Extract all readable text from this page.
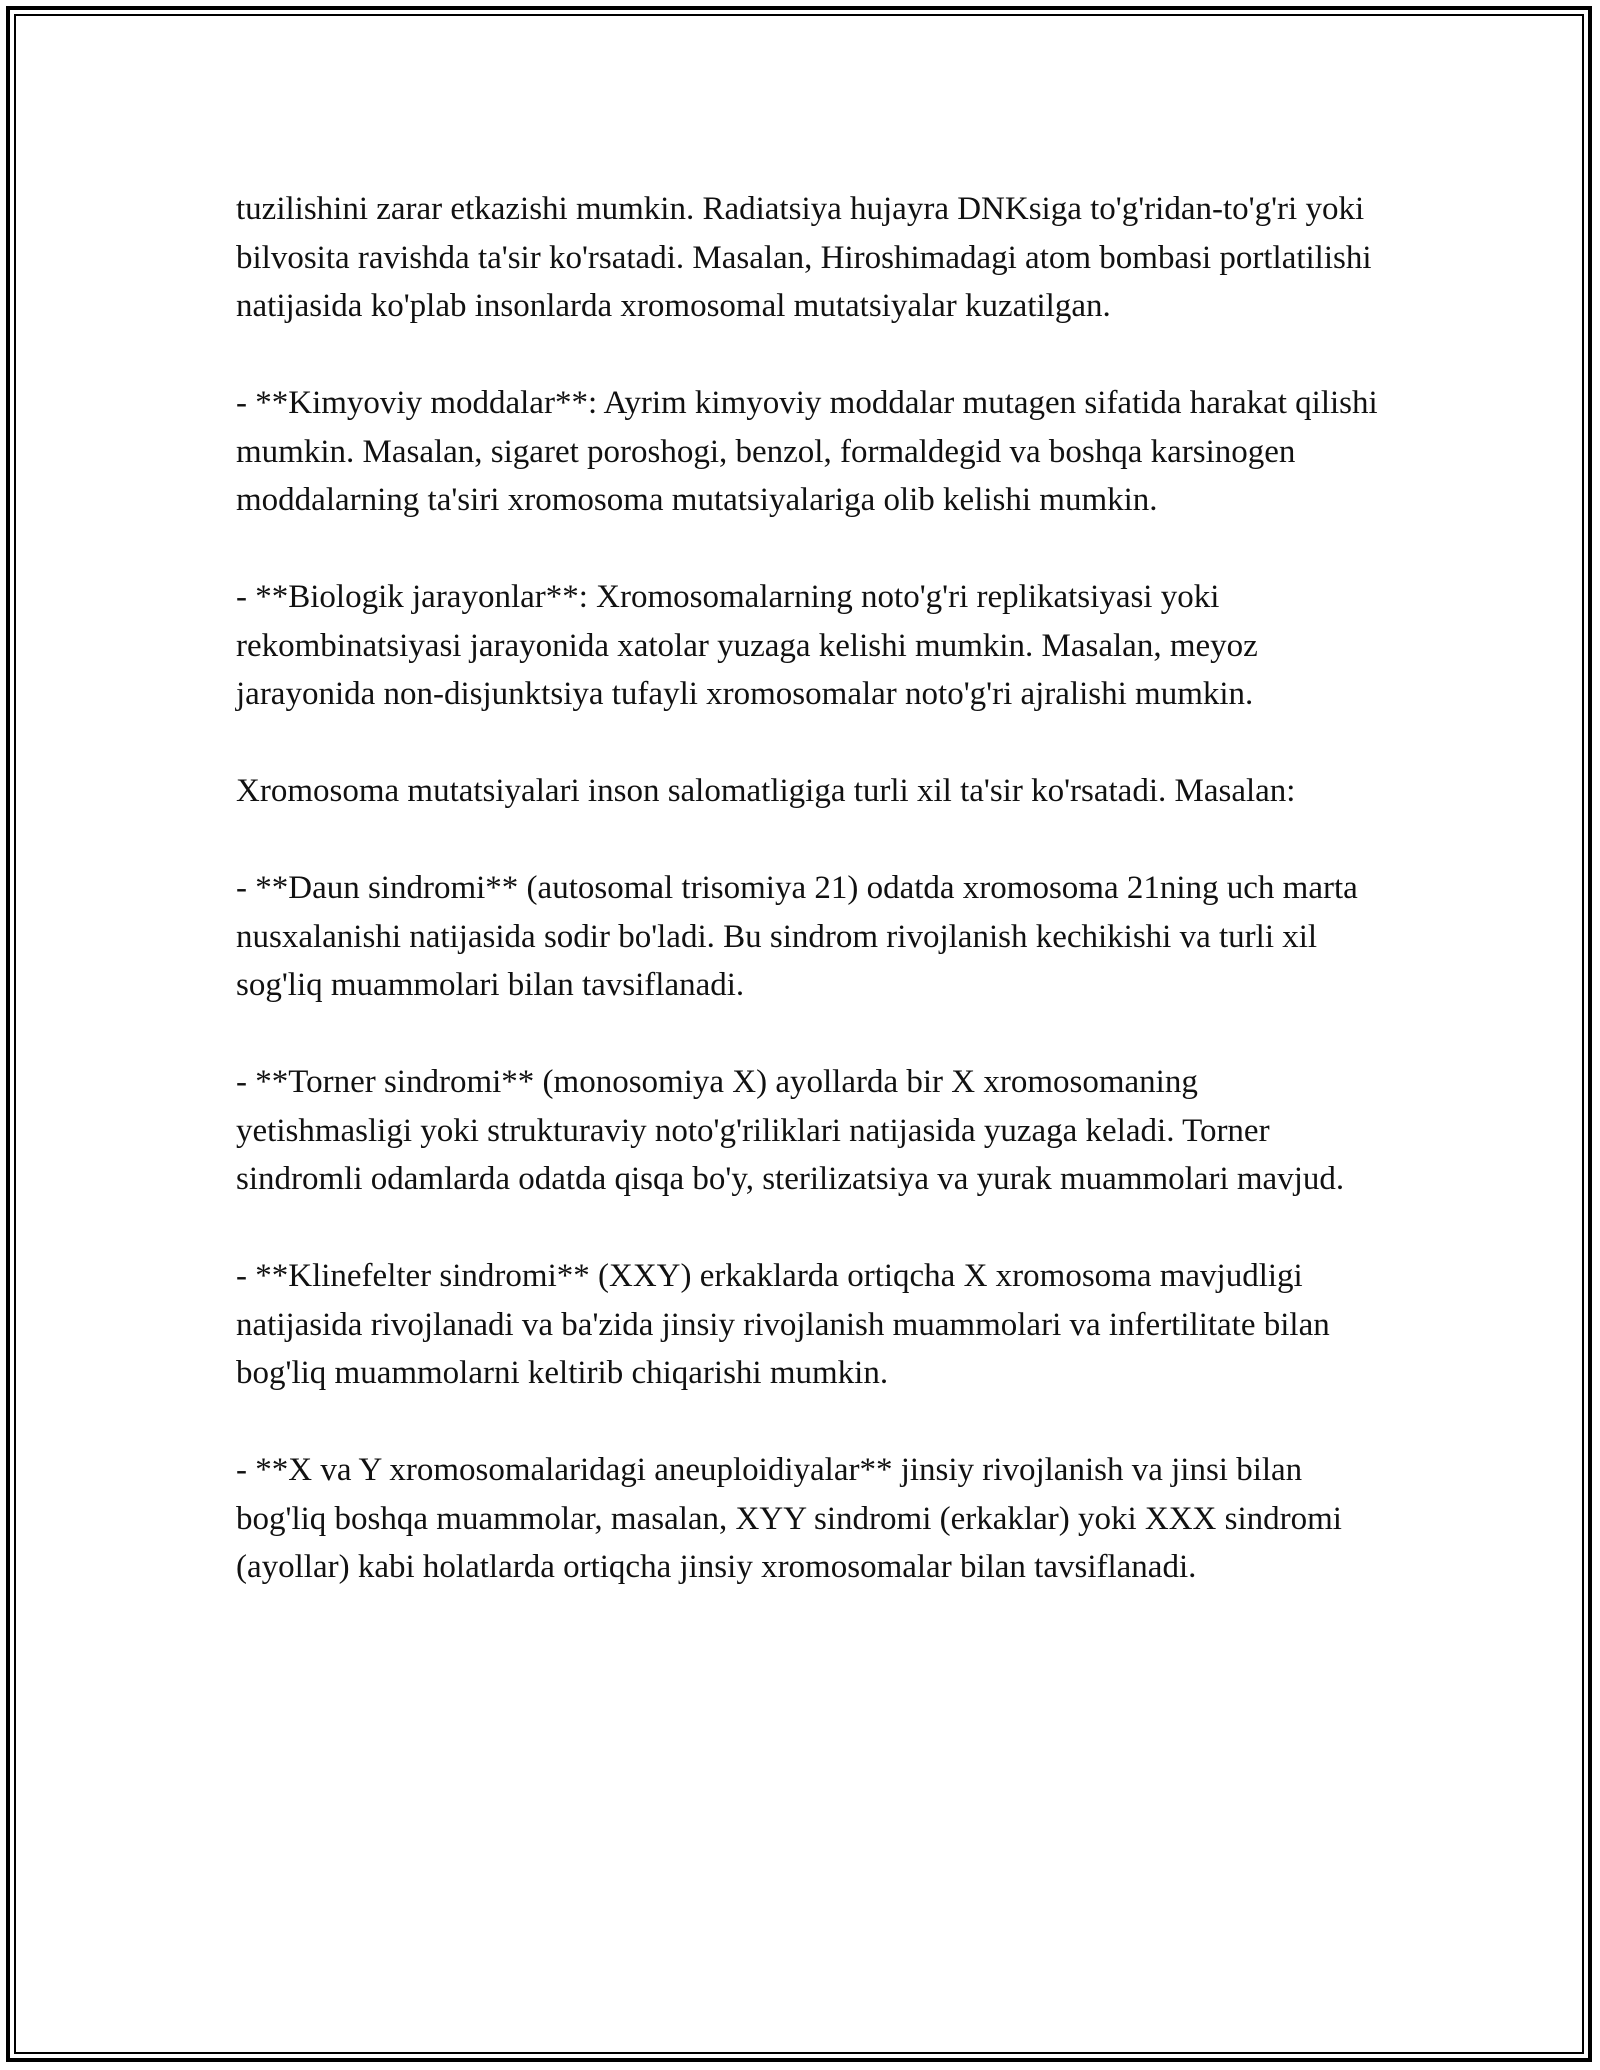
tuzilishini zarar etkazishi mumkin. Radiatsiya hujayra DNKsiga to'g'ridan-to'g'ri yoki bilvosita ravishda ta'sir ko'rsatadi. Masalan, Hiroshimadagi atom bombasi portlatilishi natijasida ko'plab insonlarda xromosomal mutatsiyalar kuzatilgan.

- **Kimyoviy moddalar**: Ayrim kimyoviy moddalar mutagen sifatida harakat qilishi mumkin. Masalan, sigaret poroshogi, benzol, formaldegid va boshqa karsinogen moddalarning ta'siri xromosoma mutatsiyalariga olib kelishi mumkin.

- **Biologik jarayonlar**: Xromosomalarning noto'g'ri replikatsiyasi yoki rekombinatsiyasi jarayonida xatolar yuzaga kelishi mumkin. Masalan, meyoz jarayonida non-disjunktsiya tufayli xromosomalar noto'g'ri ajralishi mumkin.

Xromosoma mutatsiyalari inson salomatligiga turli xil ta'sir ko'rsatadi. Masalan:

- **Daun sindromi** (autosomal trisomiya 21) odatda xromosoma 21ning uch marta nusxalanishi natijasida sodir bo'ladi. Bu sindrom rivojlanish kechikishi va turli xil sog'liq muammolari bilan tavsiflanadi.

- **Torner sindromi** (monosomiya X) ayollarda bir X xromosomaning yetishmasligi yoki strukturaviy noto'g'riliklari natijasida yuzaga keladi. Torner sindromli odamlarda odatda qisqa bo'y, sterilizatsiya va yurak muammolari mavjud.

- **Klinefelter sindromi** (XXY) erkaklarda ortiqcha X xromosoma mavjudligi natijasida rivojlanadi va ba'zida jinsiy rivojlanish muammolari va infertilitate bilan bog'liq muammolarni keltirib chiqarishi mumkin.

- **X va Y xromosomalaridagi aneuploidiyalar** jinsiy rivojlanish va jinsi bilan bog'liq boshqa muammolar, masalan, XYY sindromi (erkaklar) yoki XXX sindromi (ayollar) kabi holatlarda ortiqcha jinsiy xromosomalar bilan tavsiflanadi.
